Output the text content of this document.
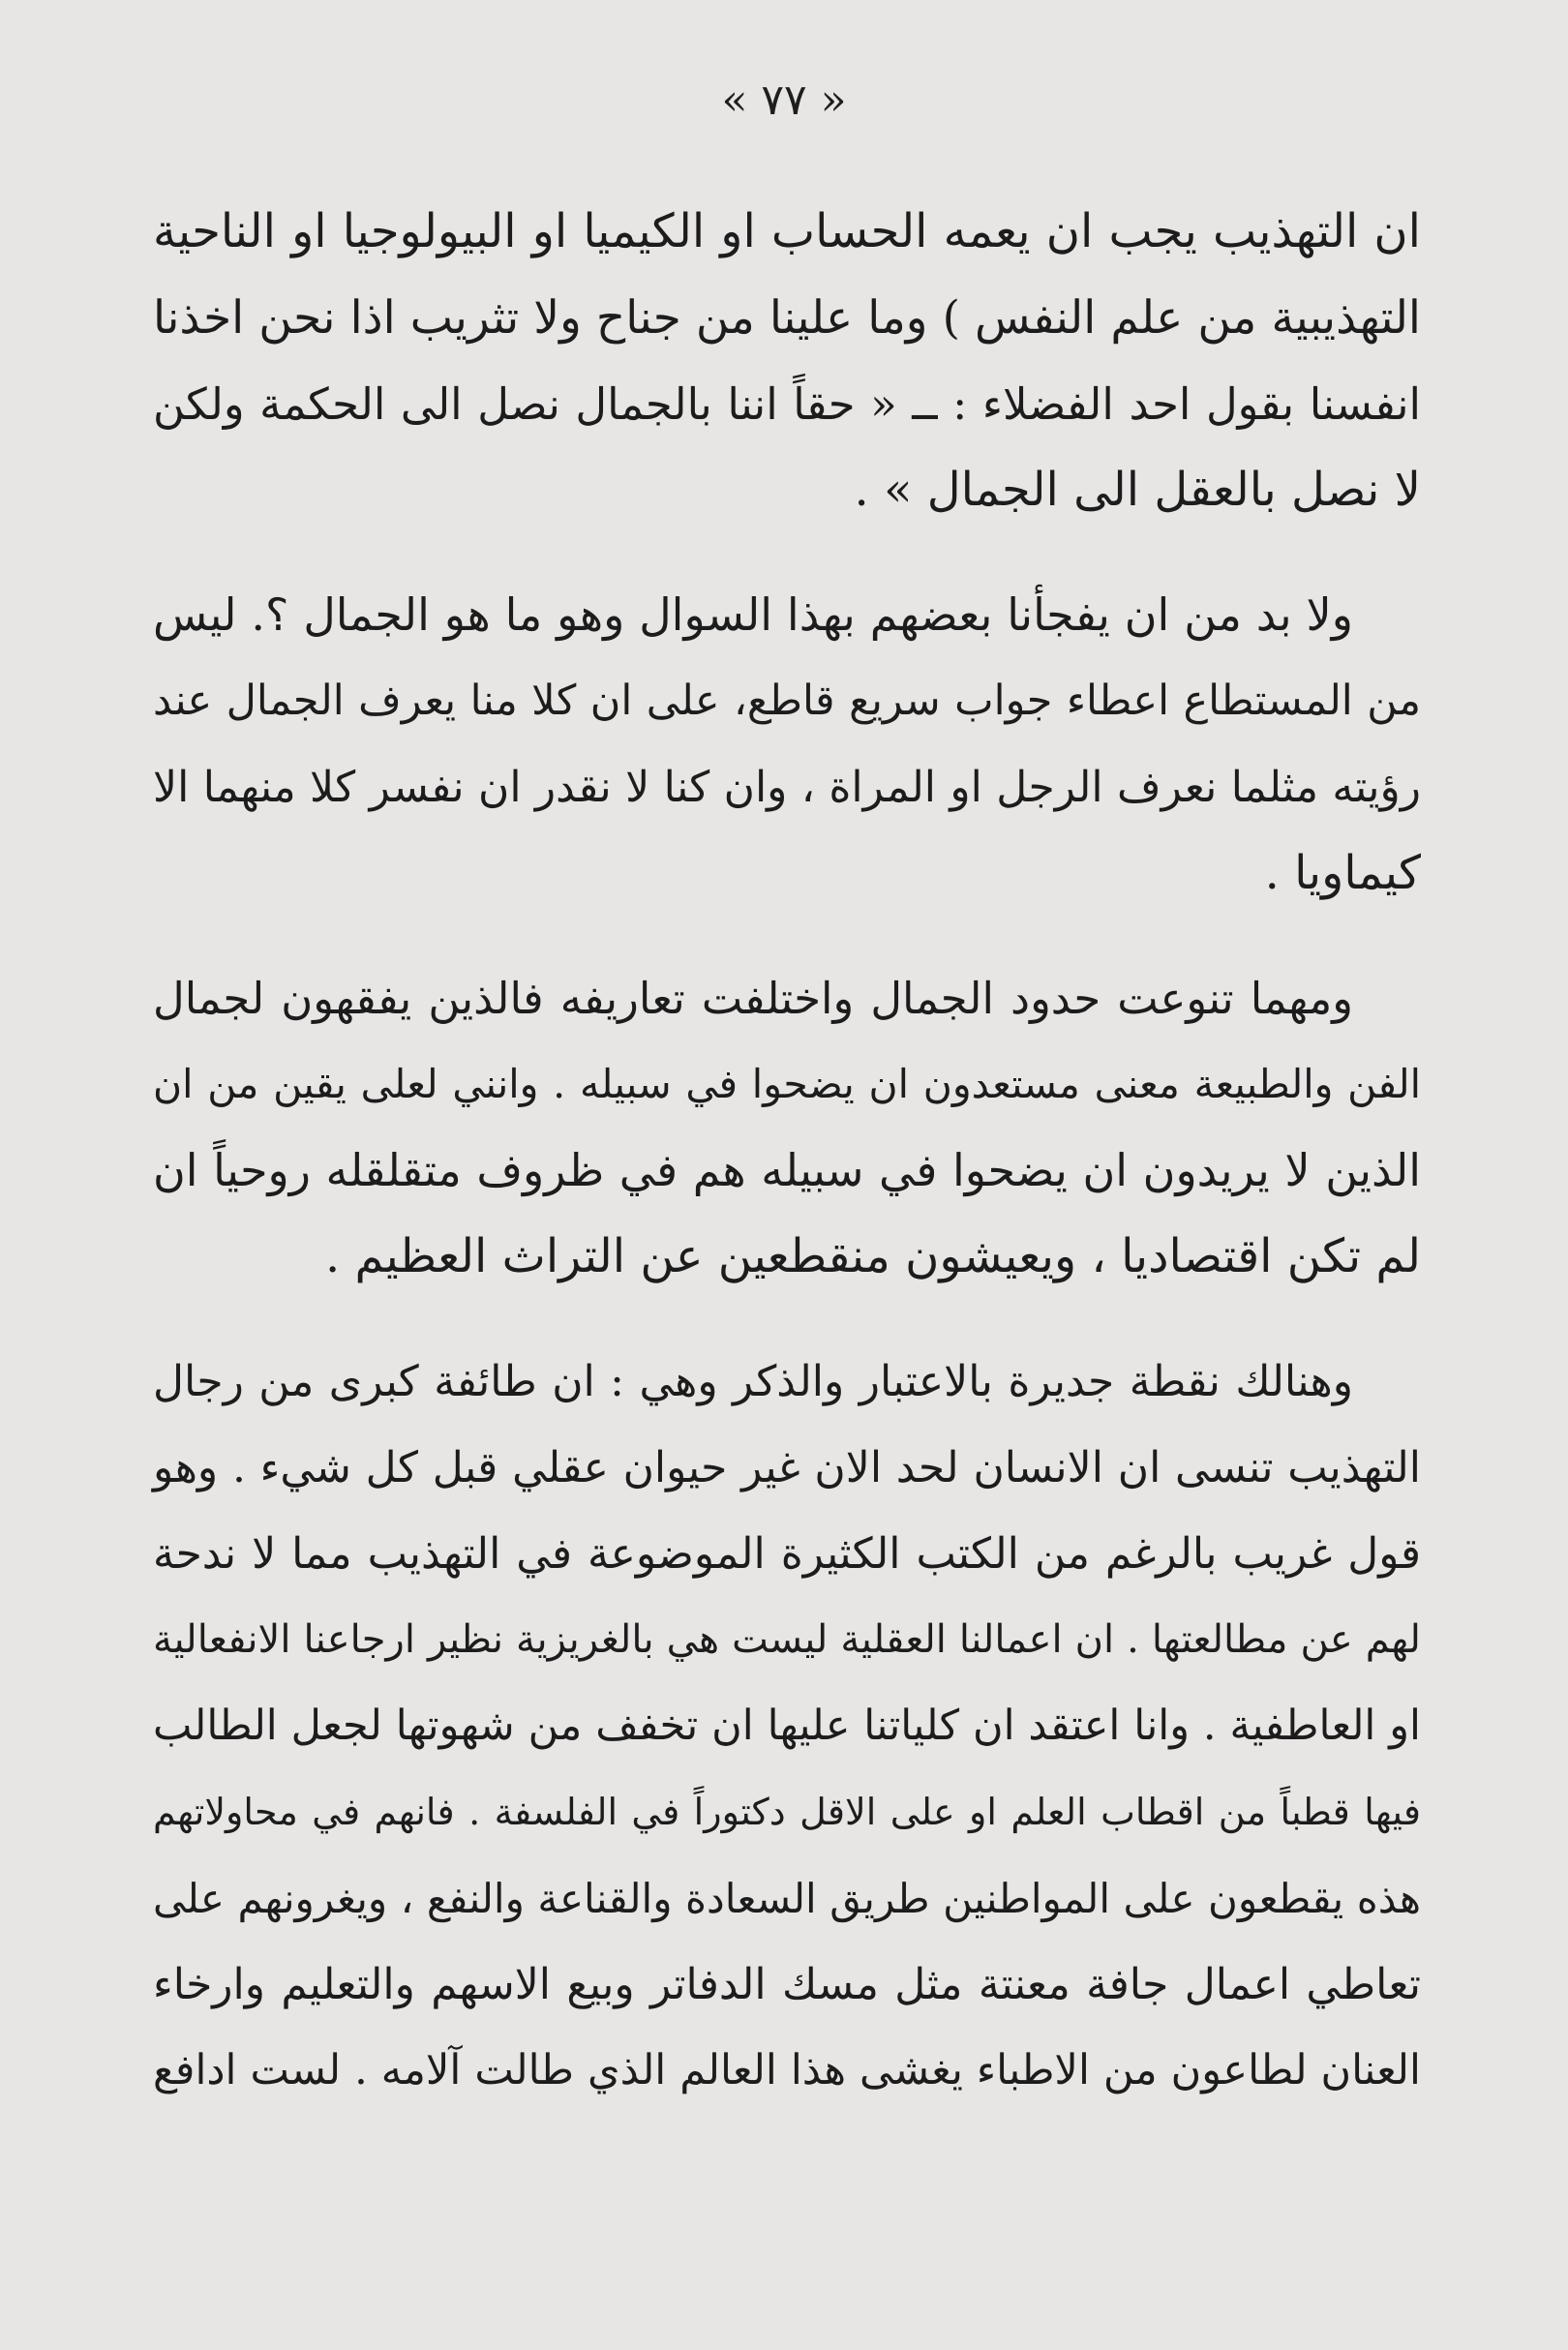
« ٧٧ »

ان التهذيب يجب ان يعمه الحساب او الكيميا او البيولوجيا او الناحية
التهذيبية من علم النفس ) وما علينا من جناح ولا تثريب اذا نحن اخذنا
انفسنا بقول احد الفضلاء : ــ « حقاً اننا بالجمال نصل الى الحكمة ولكن
لا نصل بالعقل الى الجمال » .

ولا بد من ان يفجأنا بعضهم بهذا السوال وهو ما هو الجمال ؟. ليس
من المستطاع اعطاء جواب سريع قاطع، على ان كلا منا يعرف الجمال عند
رؤيته مثلما نعرف الرجل او المراة ، وان كنا لا نقدر ان نفسر كلا منهما الا
كيماويا .

ومهما تنوعت حدود الجمال واختلفت تعاريفه فالذين يفقهون لجمال
الفن والطبيعة معنى مستعدون ان يضحوا في سبيله . وانني لعلى يقين من ان
الذين لا يريدون ان يضحوا في سبيله هم في ظروف متقلقله روحياً ان
لم تكن اقتصاديا ، ويعيشون منقطعين عن التراث العظيم .

وهنالك نقطة جديرة بالاعتبار والذكر وهي : ان طائفة كبرى من رجال
التهذيب تنسى ان الانسان لحد الان غير حيوان عقلي قبل كل شيء . وهو
قول غريب بالرغم من الكتب الكثيرة الموضوعة في التهذيب مما لا ندحة
لهم عن مطالعتها . ان اعمالنا العقلية ليست هي بالغريزية نظير ارجاعنا الانفعالية
او العاطفية . وانا اعتقد ان كلياتنا عليها ان تخفف من شهوتها لجعل الطالب
فيها قطباً من اقطاب العلم او على الاقل دكتوراً في الفلسفة . فانهم في محاولاتهم
هذه يقطعون على المواطنين طريق السعادة والقناعة والنفع ، ويغرونهم على
تعاطي اعمال جافة معنتة مثل مسك الدفاتر وبيع الاسهم والتعليم وارخاء
العنان لطاعون من الاطباء يغشى هذا العالم الذي طالت آلامه . لست ادافع
